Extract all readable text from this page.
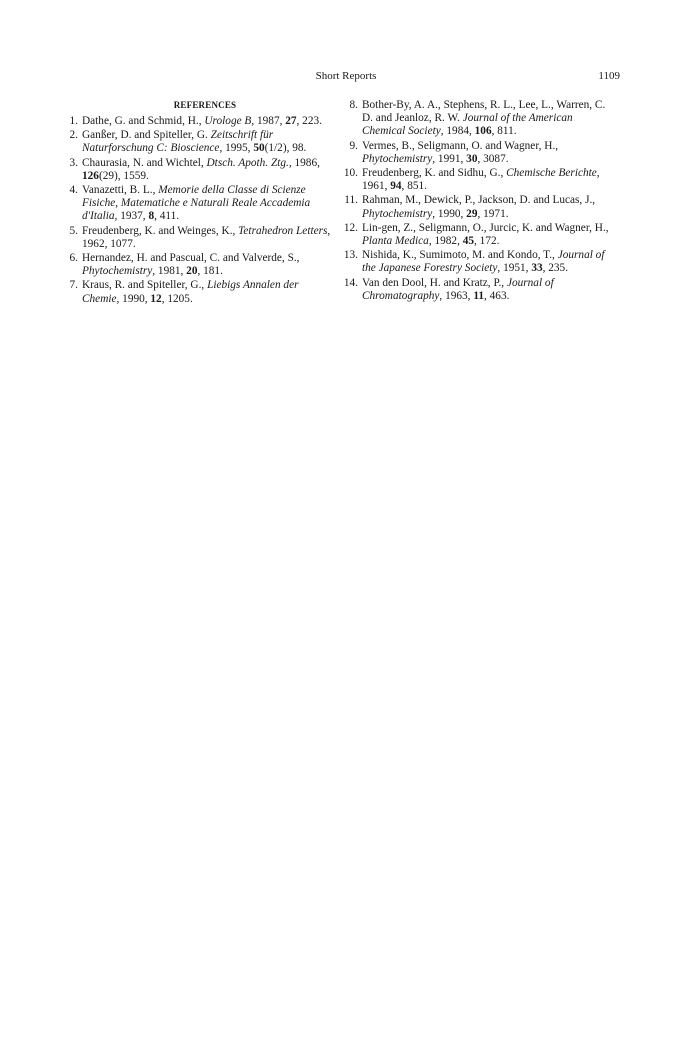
Short Reports	1109
REFERENCES
1. Dathe, G. and Schmid, H., Urologe B, 1987, 27, 223.
2. Ganßer, D. and Spiteller, G. Zeitschrift für Naturforschung C: Bioscience, 1995, 50(1/2), 98.
3. Chaurasia, N. and Wichtel, Dtsch. Apoth. Ztg., 1986, 126(29), 1559.
4. Vanazetti, B. L., Memorie della Classe di Scienze Fisiche, Matematiche e Naturali Reale Accademia d'Italia, 1937, 8, 411.
5. Freudenberg, K. and Weinges, K., Tetrahedron Letters, 1962, 1077.
6. Hernandez, H. and Pascual, C. and Valverde, S., Phytochemistry, 1981, 20, 181.
7. Kraus, R. and Spiteller, G., Liebigs Annalen der Chemie, 1990, 12, 1205.
8. Bother-By, A. A., Stephens, R. L., Lee, L., Warren, C. D. and Jeanloz, R. W. Journal of the American Chemical Society, 1984, 106, 811.
9. Vermes, B., Seligmann, O. and Wagner, H., Phytochemistry, 1991, 30, 3087.
10. Freudenberg, K. and Sidhu, G., Chemische Berichte, 1961, 94, 851.
11. Rahman, M., Dewick, P., Jackson, D. and Lucas, J., Phytochemistry, 1990, 29, 1971.
12. Lin-gen, Z., Seligmann, O., Jurcic, K. and Wagner, H., Planta Medica, 1982, 45, 172.
13. Nishida, K., Sumimoto, M. and Kondo, T., Journal of the Japanese Forestry Society, 1951, 33, 235.
14. Van den Dool, H. and Kratz, P., Journal of Chromatography, 1963, 11, 463.
